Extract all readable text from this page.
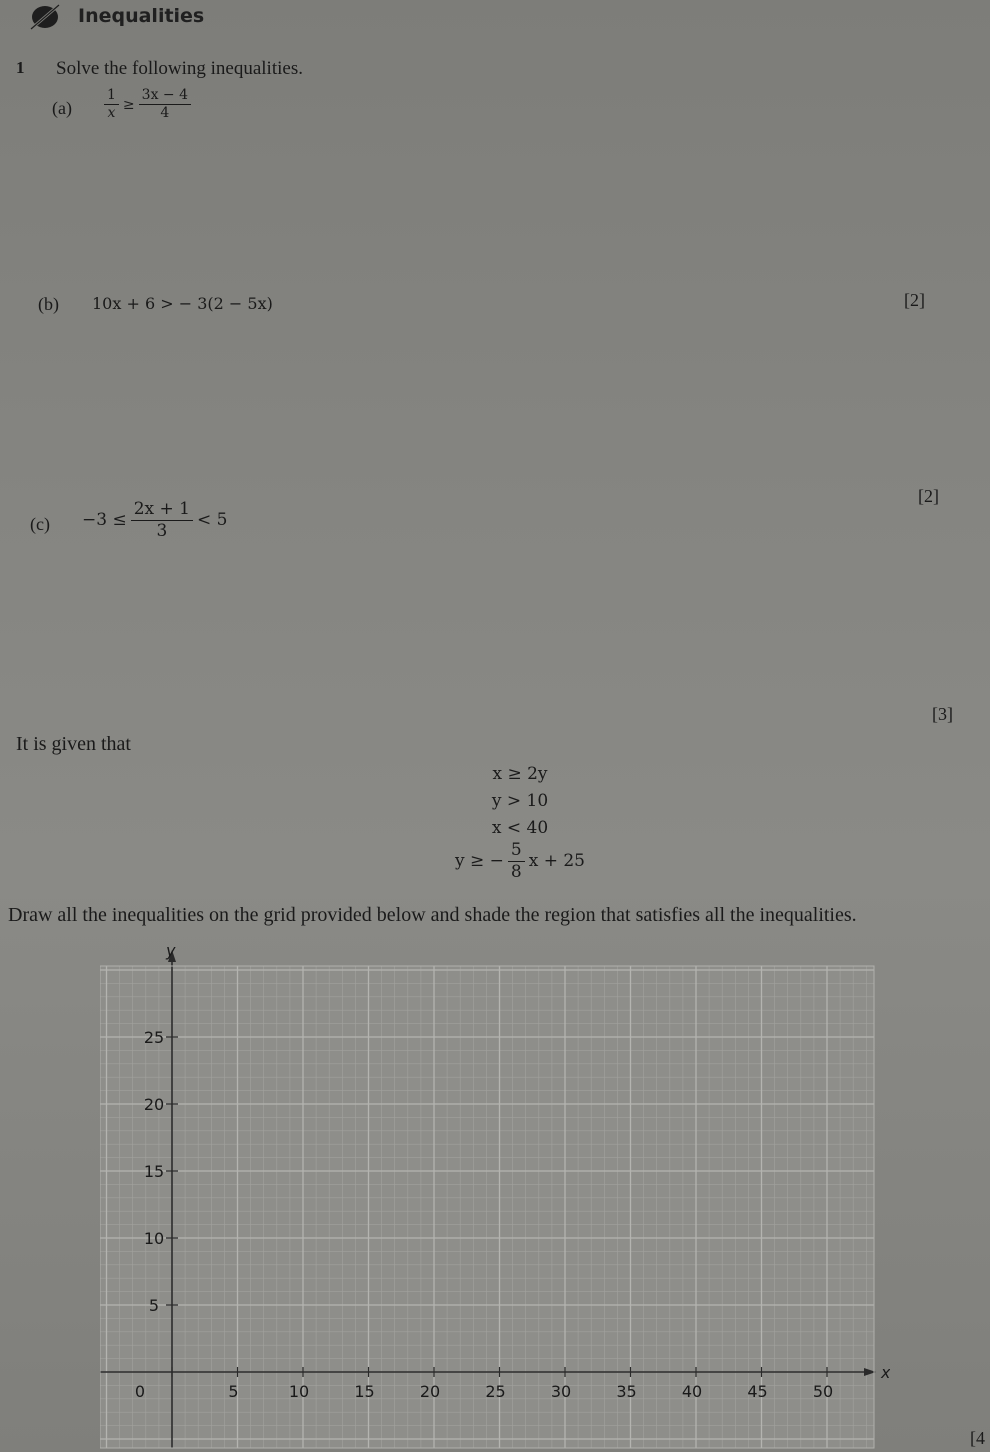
Inequalities
1 Solve the following inequalities.
$(a) \frac{1}{x} \ge \frac{3x - 4}{4}$
[2]
(b) 10x + 6 > − 3(2 − 5x)
[2]
$(c) -3 \le \frac{2x + 1}{3} < 5$
[3]
It is given that
x ≥ 2y
y > 10
x < 40
y ≥ − $\frac{5}{8}$ x + 25
Draw all the inequalities on the grid provided below and shade the region that satisfies all the inequalities.
x
y
0	5	10	15	20	25	30	35	40	45	50
5
10
15
20
25
[4
